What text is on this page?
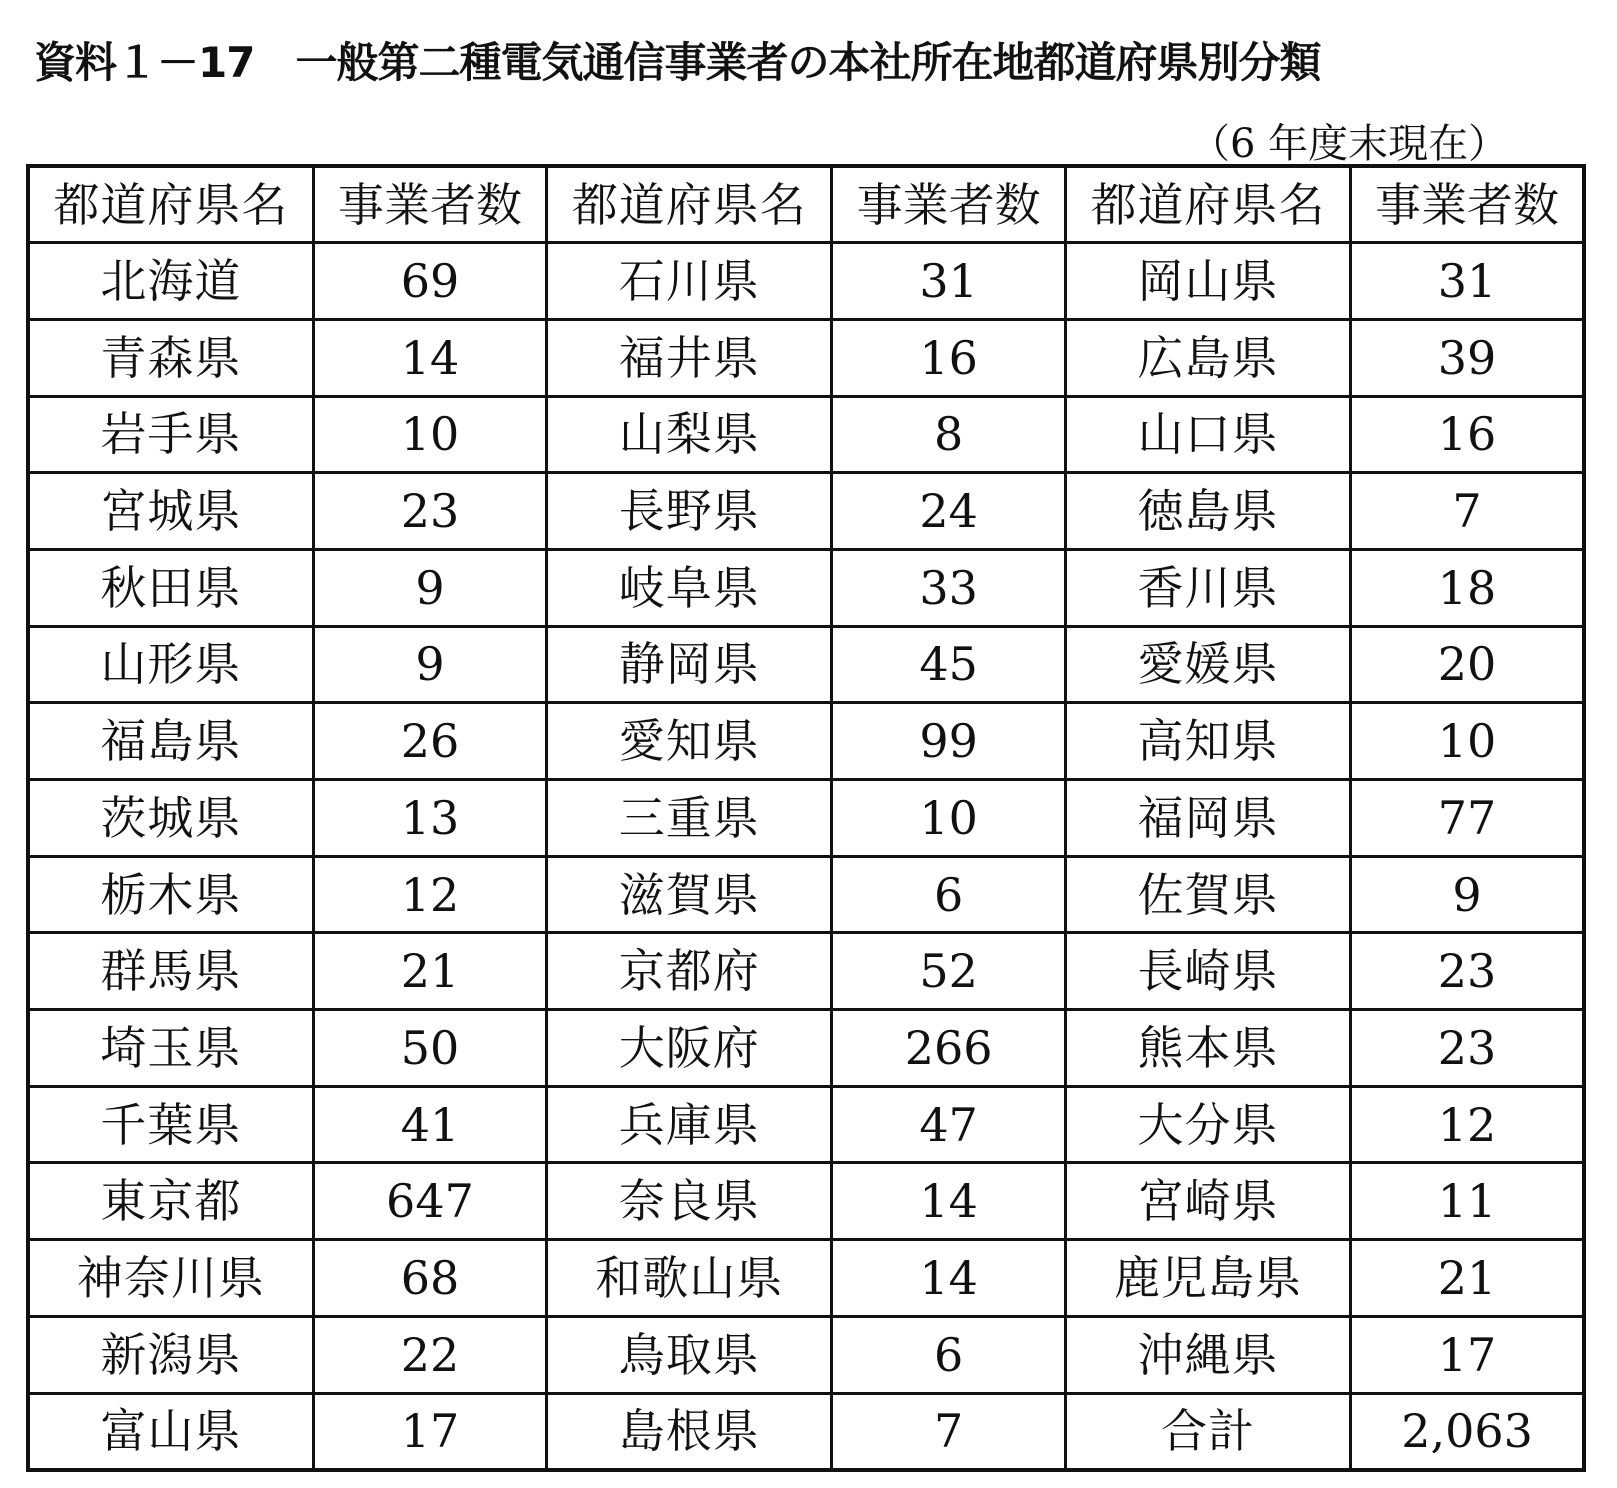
資料１－17　一般第二種電気通信事業者の本社所在地都道府県別分類
（6 年度末現在）
都道府県名	事業者数	都道府県名	事業者数	都道府県名	事業者数
北海道	69	石川県	31	岡山県	31
青森県	14	福井県	16	広島県	39
岩手県	10	山梨県	8	山口県	16
宮城県	23	長野県	24	徳島県	7
秋田県	9	岐阜県	33	香川県	18
山形県	9	静岡県	45	愛媛県	20
福島県	26	愛知県	99	高知県	10
茨城県	13	三重県	10	福岡県	77
栃木県	12	滋賀県	6	佐賀県	9
群馬県	21	京都府	52	長崎県	23
埼玉県	50	大阪府	266	熊本県	23
千葉県	41	兵庫県	47	大分県	12
東京都	647	奈良県	14	宮崎県	11
神奈川県	68	和歌山県	14	鹿児島県	21
新潟県	22	鳥取県	6	沖縄県	17
富山県	17	島根県	7	合計	2,063
